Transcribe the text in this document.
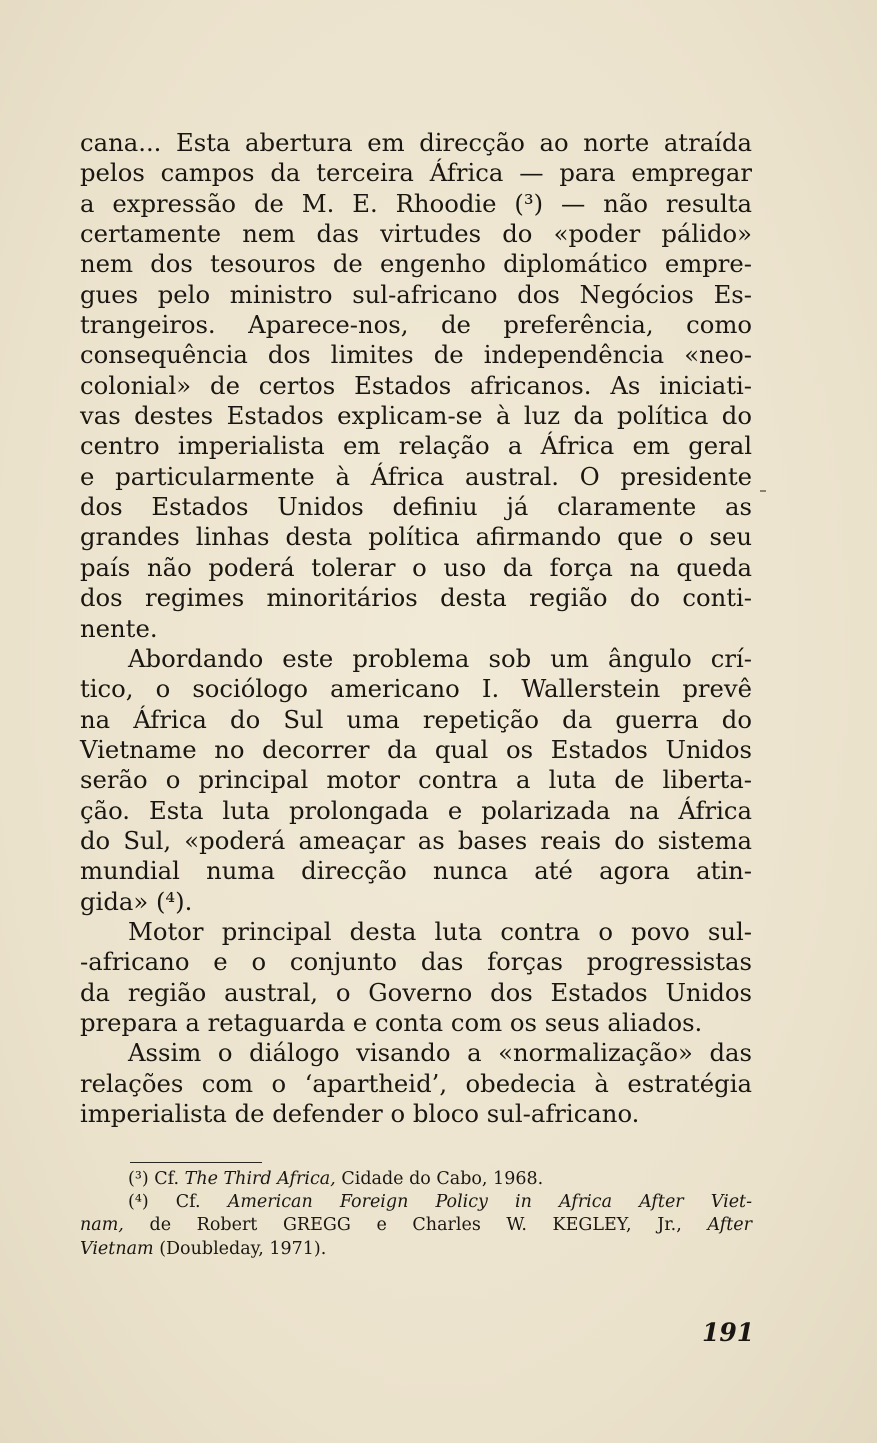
cana... Esta abertura em direcção ao norte atraída
pelos campos da terceira África — para empregar
a expressão de M. E. Rhoodie (³) — não resulta
certamente nem das virtudes do «poder pálido»
nem dos tesouros de engenho diplomático empre-
gues pelo ministro sul-africano dos Negócios Es-
trangeiros. Aparece-nos, de preferência, como
consequência dos limites de independência «neo-
colonial» de certos Estados africanos. As iniciati-
vas destes Estados explicam-se à luz da política do
centro imperialista em relação a África em geral
e particularmente à África austral. O presidente
dos Estados Unidos definiu já claramente as
grandes linhas desta política afirmando que o seu
país não poderá tolerar o uso da força na queda
dos regimes minoritários desta região do conti-
nente.
Abordando este problema sob um ângulo crí-
tico, o sociólogo americano I. Wallerstein prevê
na África do Sul uma repetição da guerra do
Vietname no decorrer da qual os Estados Unidos
serão o principal motor contra a luta de liberta-
ção. Esta luta prolongada e polarizada na África
do Sul, «poderá ameaçar as bases reais do sistema
mundial numa direcção nunca até agora atin-
gida» (⁴).
Motor principal desta luta contra o povo sul-
-africano e o conjunto das forças progressistas
da região austral, o Governo dos Estados Unidos
prepara a retaguarda e conta com os seus aliados.
Assim o diálogo visando a «normalização» das
relações com o ‘apartheid’, obedecia à estratégia
imperialista de defender o bloco sul-africano.
(³) Cf. The Third Africa, Cidade do Cabo, 1968.
(⁴) Cf. American Foreign Policy in Africa After Viet-
nam, de Robert GREGG e Charles W. KEGLEY, Jr., After
Vietnam (Doubleday, 1971).
191
